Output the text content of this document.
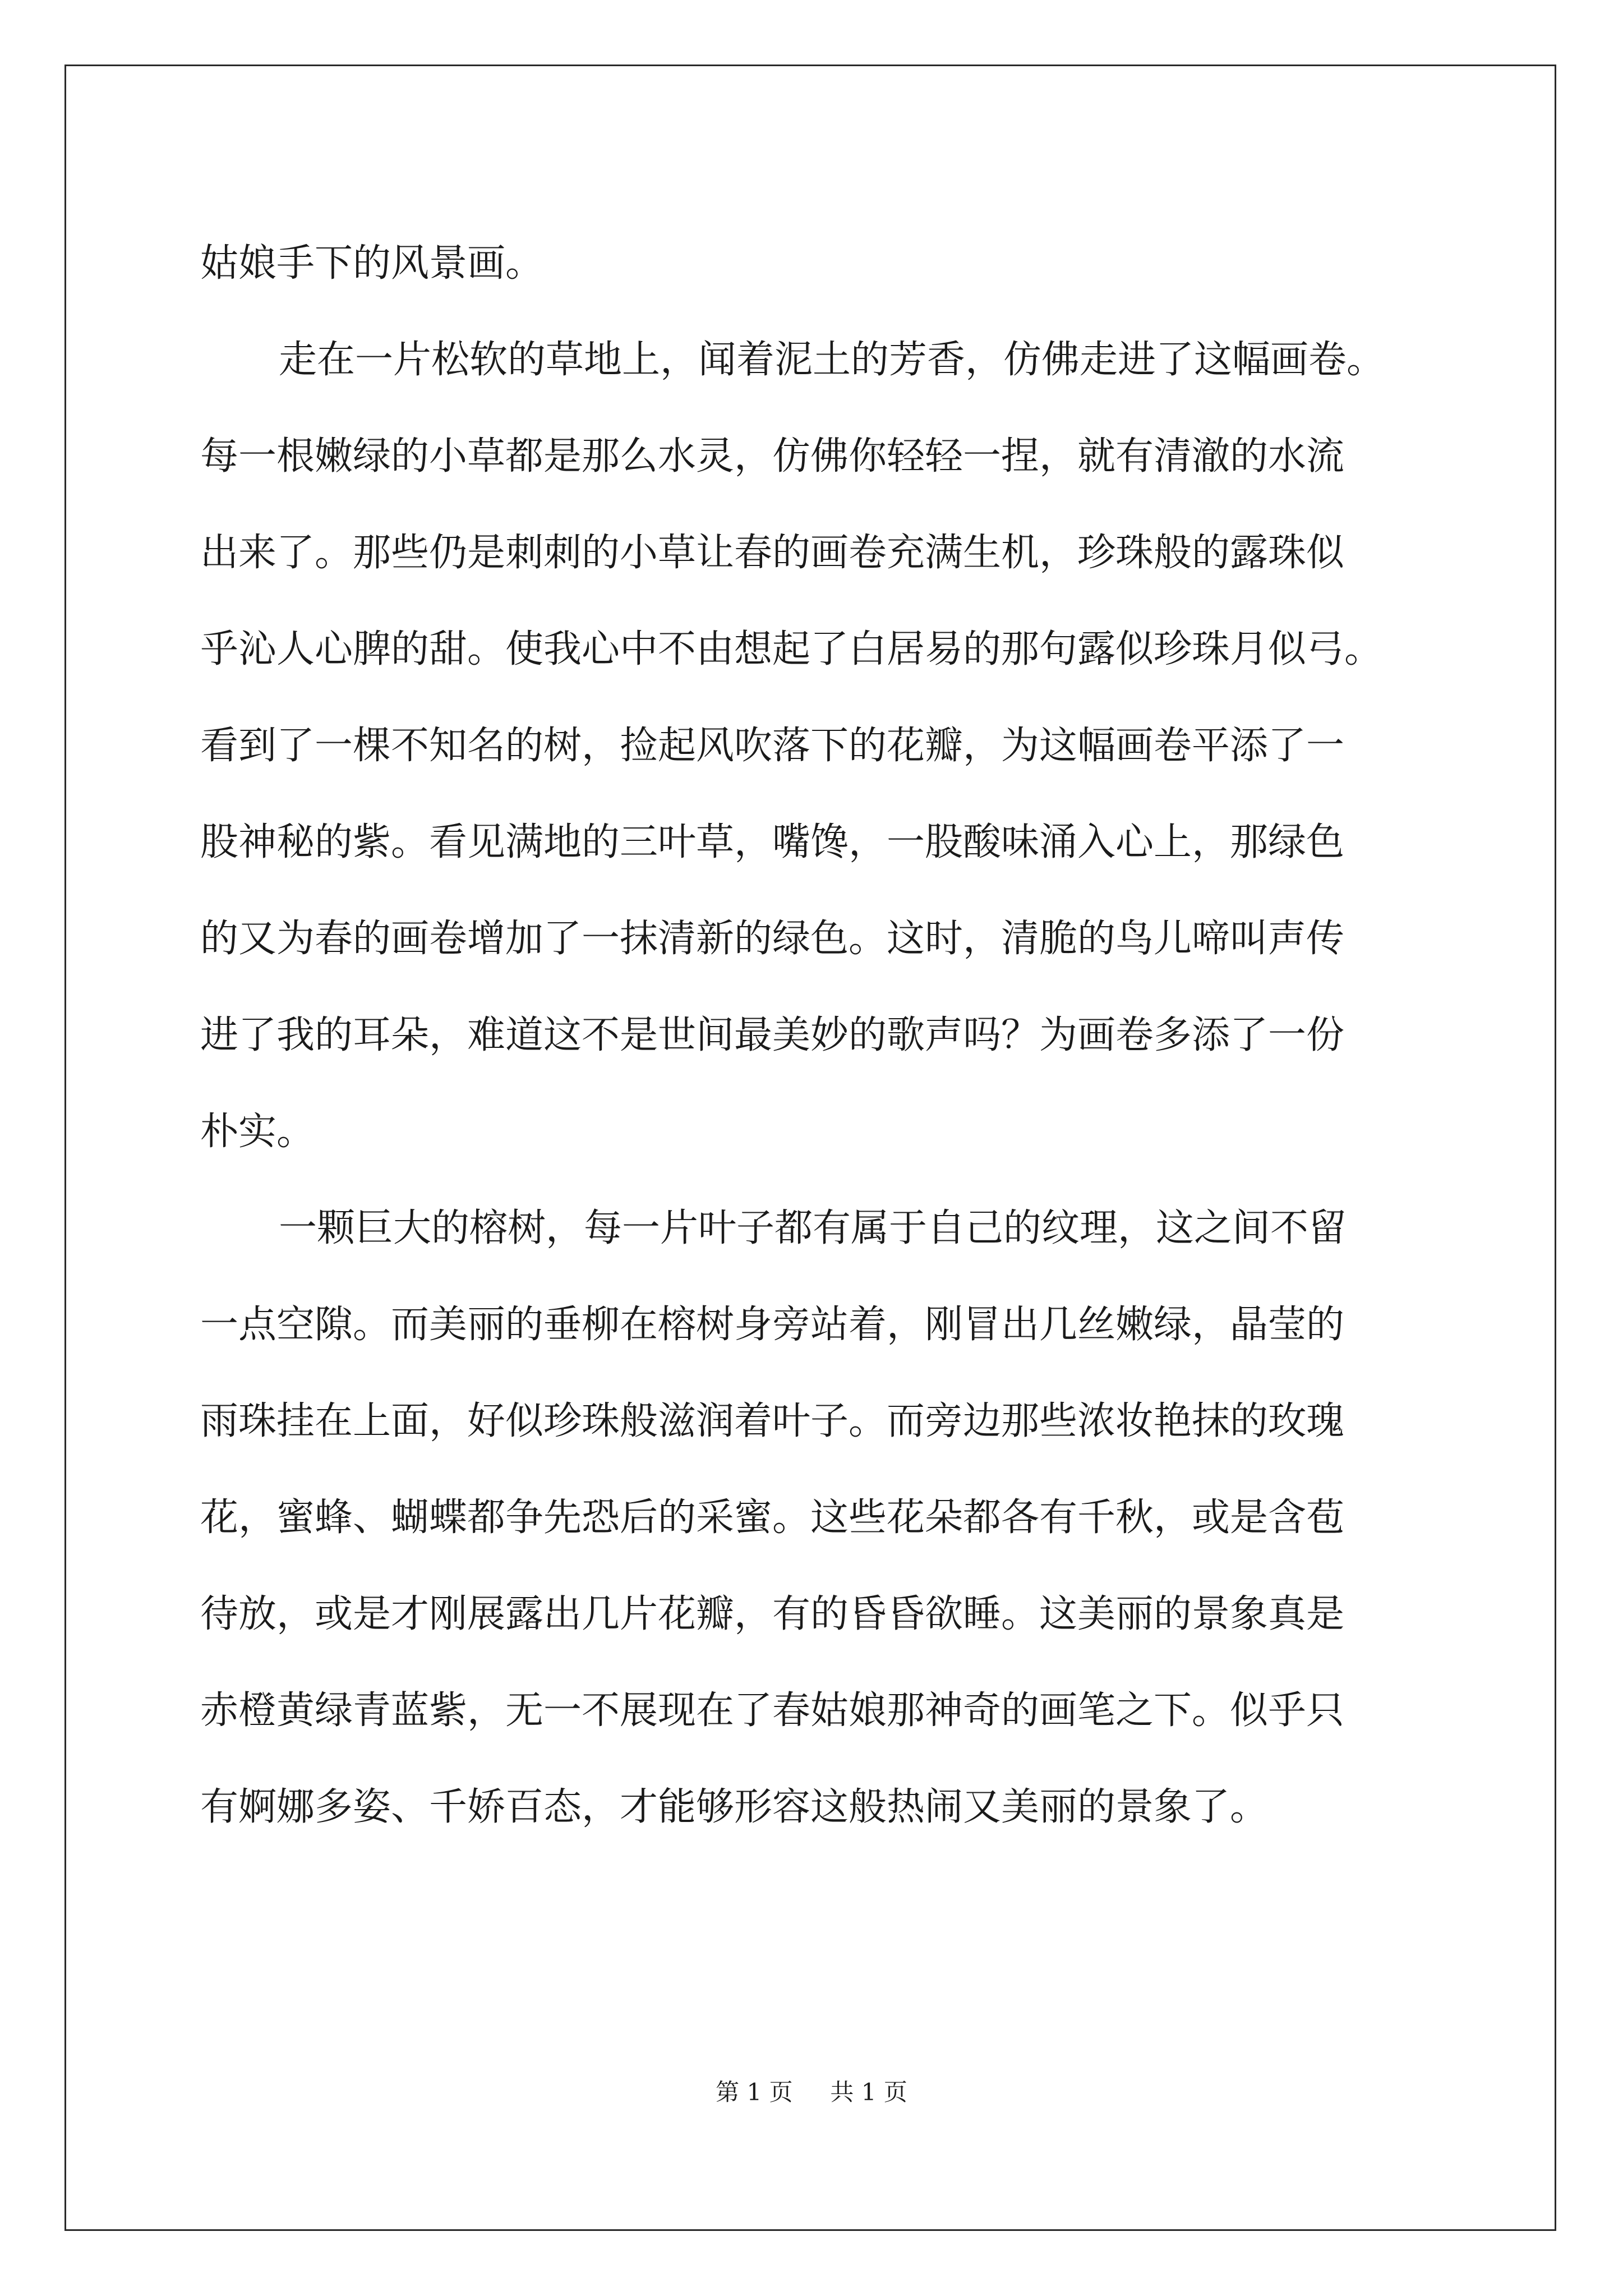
姑娘手下的风景画。
走在一片松软的草地上，闻着泥土的芳香，仿佛走进了这幅画卷。
每一根嫩绿的小草都是那么水灵，仿佛你轻轻一捏，就有清澈的水流
出来了。那些仍是刺刺的小草让春的画卷充满生机，珍珠般的露珠似
乎沁人心脾的甜。使我心中不由想起了白居易的那句露似珍珠月似弓。
看到了一棵不知名的树，捡起风吹落下的花瓣，为这幅画卷平添了一
股神秘的紫。看见满地的三叶草，嘴馋，一股酸味涌入心上，那绿色
的又为春的画卷增加了一抹清新的绿色。这时，清脆的鸟儿啼叫声传
进了我的耳朵，难道这不是世间最美妙的歌声吗？为画卷多添了一份
朴实。
一颗巨大的榕树，每一片叶子都有属于自己的纹理，这之间不留
一点空隙。而美丽的垂柳在榕树身旁站着，刚冒出几丝嫩绿，晶莹的
雨珠挂在上面，好似珍珠般滋润着叶子。而旁边那些浓妆艳抹的玫瑰
花，蜜蜂、蝴蝶都争先恐后的采蜜。这些花朵都各有千秋，或是含苞
待放，或是才刚展露出几片花瓣，有的昏昏欲睡。这美丽的景象真是
赤橙黄绿青蓝紫，无一不展现在了春姑娘那神奇的画笔之下。似乎只
有婀娜多姿、千娇百态，才能够形容这般热闹又美丽的景象了。
第 1 页 共 1 页
